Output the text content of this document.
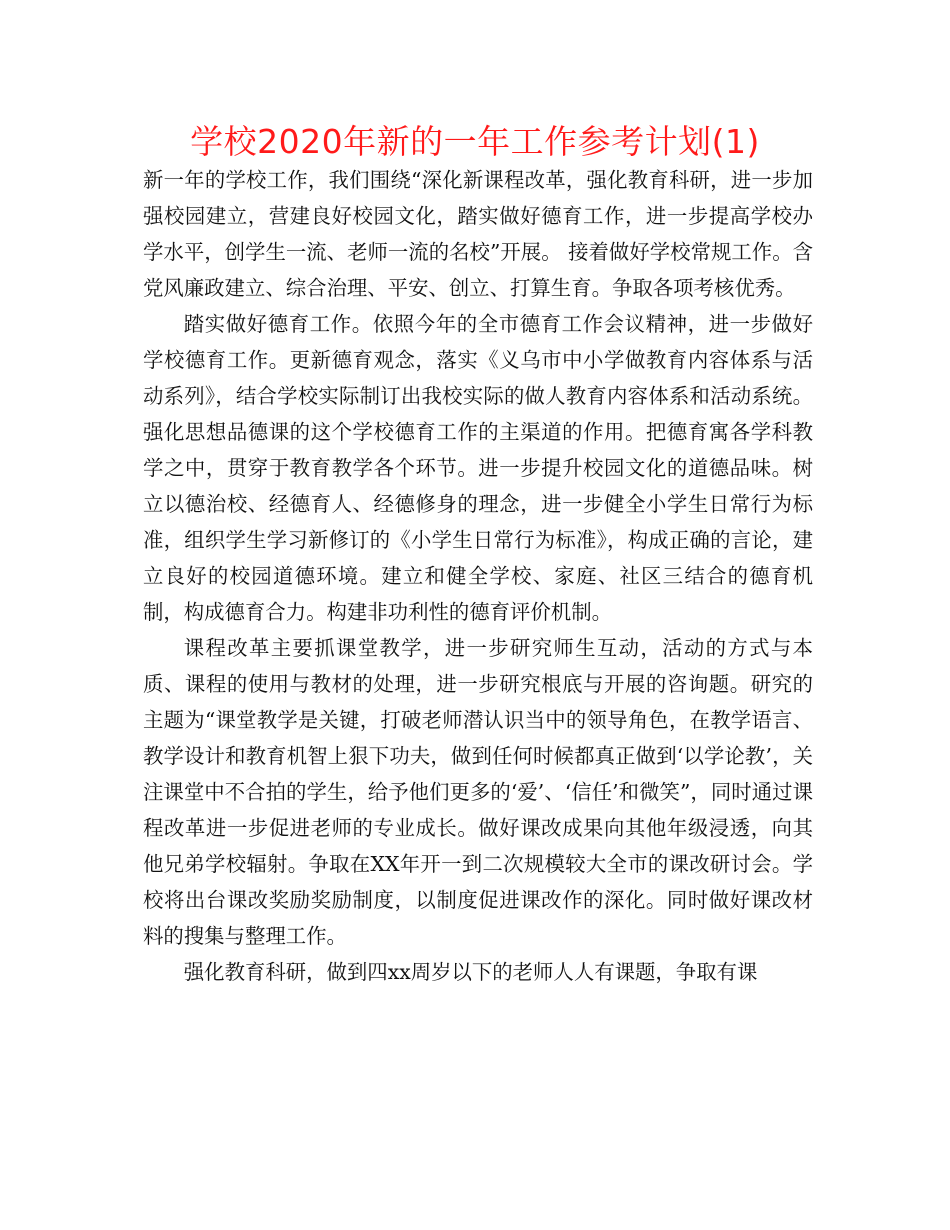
学校2020年新的一年工作参考计划(1)

新一年的学校工作，我们围绕“深化新课程改革，强化教育科研，进一步加强校园建立，营建良好校园文化，踏实做好德育工作，进一步提高学校办学水平，创学生一流、老师一流的名校”开展。 接着做好学校常规工作。含党风廉政建立、综合治理、平安、创立、打算生育。争取各项考核优秀。

踏实做好德育工作。依照今年的全市德育工作会议精神，进一步做好学校德育工作。更新德育观念，落实《义乌市中小学做教育内容体系与活动系列》，结合学校实际制订出我校实际的做人教育内容体系和活动系统。强化思想品德课的这个学校德育工作的主渠道的作用。把德育寓各学科教学之中，贯穿于教育教学各个环节。进一步提升校园文化的道德品味。树立以德治校、经德育人、经德修身的理念，进一步健全小学生日常行为标准，组织学生学习新修订的《小学生日常行为标准》，构成正确的言论，建立良好的校园道德环境。建立和健全学校、家庭、社区三结合的德育机制，构成德育合力。构建非功利性的德育评价机制。

课程改革主要抓课堂教学，进一步研究师生互动，活动的方式与本质、课程的使用与教材的处理，进一步研究根底与开展的咨询题。研究的主题为“课堂教学是关键，打破老师潜认识当中的领导角色，在教学语言、教学设计和教育机智上狠下功夫，做到任何时候都真正做到‘以学论教’，关注课堂中不合拍的学生，给予他们更多的‘爱’、‘信任’和微笑”，同时通过课程改革进一步促进老师的专业成长。做好课改成果向其他年级浸透，向其他兄弟学校辐射。争取在XX年开一到二次规模较大全市的课改研讨会。学校将出台课改奖励奖励制度，以制度促进课改作的深化。同时做好课改材料的搜集与整理工作。

强化教育科研，做到四xx周岁以下的老师人人有课题，争取有课
